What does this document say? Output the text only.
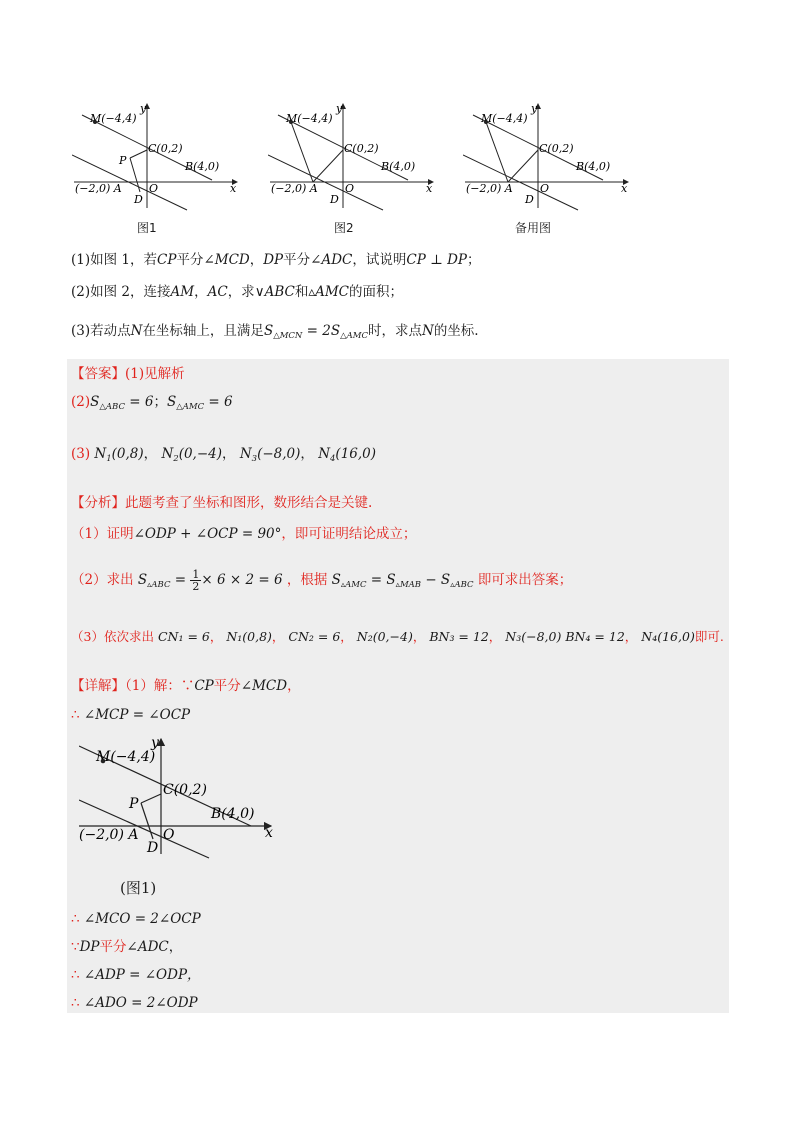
M(−4,4)
y
C(0,2)
B(4,0)
P
(−2,0) A O
D
x
图1
M(−4,4)
y
C(0,2)
B(4,0)
(−2,0) A O
D
x
图2
M(−4,4)
y
C(0,2)
B(4,0)
(−2,0) A O
D
x
备用图
(1)如图 1，若CP平分∠MCD，DP平分∠ADC，试说明CP ⊥ DP；
(2)如图 2，连接AM，AC，求∨ABC和▵AMC的面积；
(3)若动点N在坐标轴上，且满足$S_{\triangle MCN} = 2S_{\triangle AMC}$时，求点N的坐标.
【答案】(1)见解析
$(2)S_{\triangle ABC} = 6$；$S_{\triangle AMC} = 6$
(3) $N_1(0,8)$， $N_2(0,-4)$， $N_3(-8,0)$， $N_4(16,0)$
【分析】此题考查了坐标和图形，数形结合是关键.
（1）证明∠ODP + ∠OCP = 90°，即可证明结论成立；
（2）求出 $S_{▵ABC} = \frac{1}{2} \times 6 \times 2 = 6$ ，根据 $S_{▵AMC} = S_{▵MAB} - S_{▵ABC}$ 即可求出答案；
（3）依次求出 CN₁ = 6， N₁(0,8)， CN₂ = 6， N₂(0,−4)， BN₃ = 12， N₃(−8,0) BN₄ = 12， N₄(16,0)即可.
【详解】（1）解：∵CP平分∠MCD，
∴ ∠MCP = ∠OCP
M(−4,4)
y
C(0,2)
B(4,0)
P
(−2,0) A O
D
x
(图1)
∴ ∠MCO = 2∠OCP
∵DP平分∠ADC，
∴ ∠ADP = ∠ODP，
∴ ∠ADO = 2∠ODP
